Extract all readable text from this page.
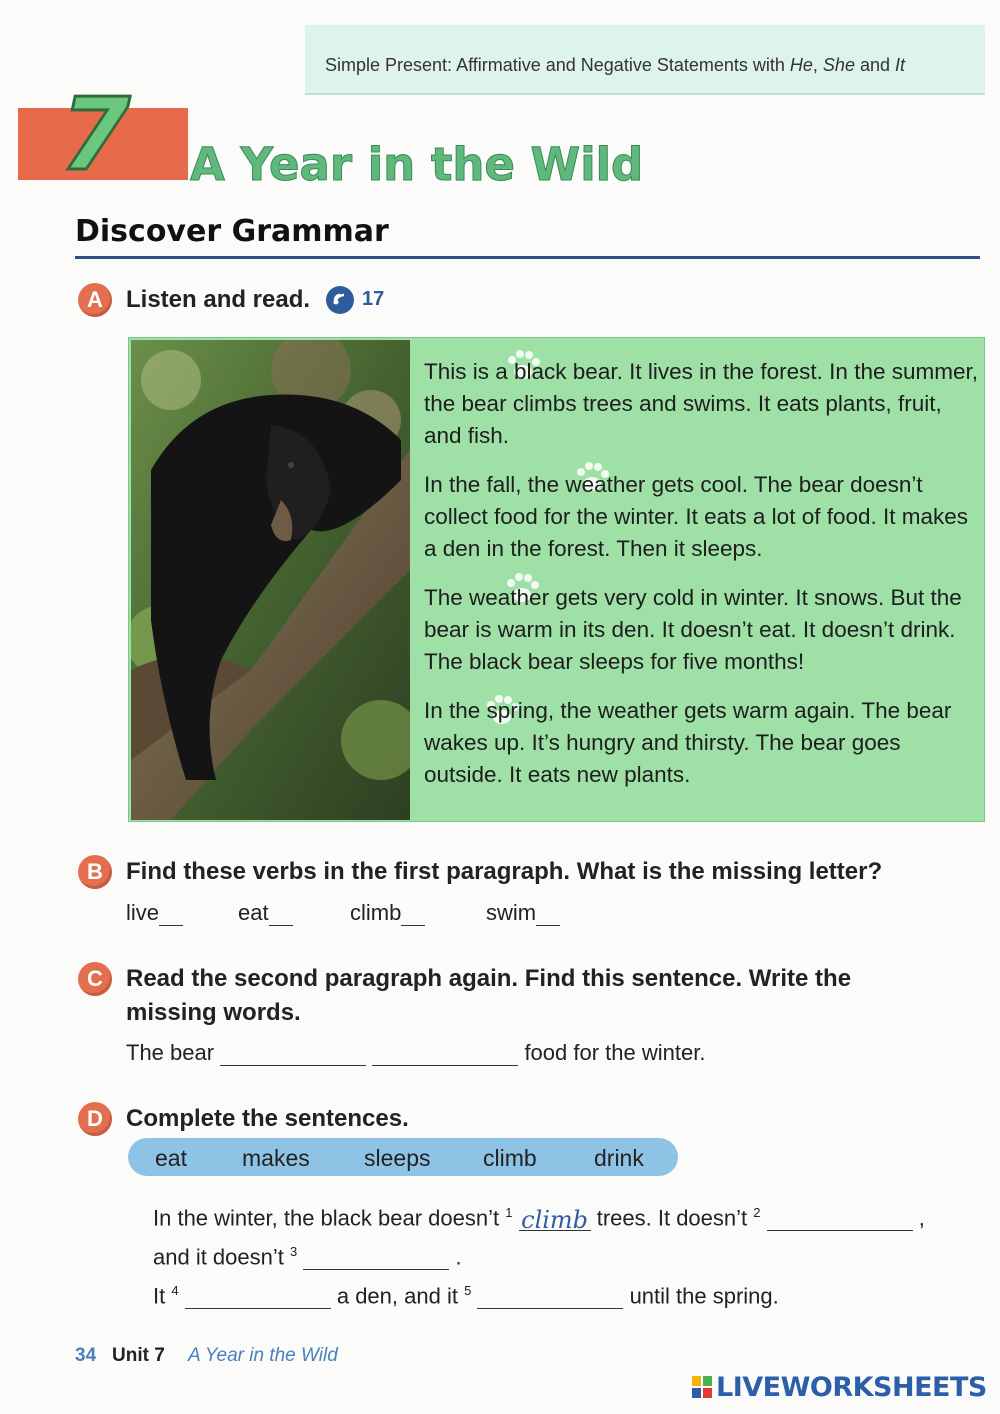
Simple Present: Affirmative and Negative Statements with He, She and It
7 A Year in the Wild
Discover Grammar
A Listen and read.	17
This is a black bear. It lives in the forest. In the summer, the bear climbs trees and swims. It eats plants, fruit, and fish.
In the fall, the weather gets cool. The bear doesn’t collect food for the winter. It eats a lot of food. It makes a den in the forest. Then it sleeps.
The weather gets very cold in winter. It snows. But the bear is warm in its den. It doesn’t eat. It doesn’t drink. The black bear sleeps for five months!
In the spring, the weather gets warm again. The bear wakes up. It’s hungry and thirsty. The bear goes outside. It eats new plants.
B Find these verbs in the first paragraph. What is the missing letter?
live	eat	climb	swim
C Read the second paragraph again. Find this sentence. Write the
missing words.
The bear	food for the winter.
D Complete the sentences.
eat makes sleeps climb drink
In the winter, the black bear doesn’t $^1$ climb trees. It doesn’t $^2$	,
and it doesn’t $^3$	.
It $^4$	a den, and it $^5$	until the spring.
34 Unit 7 A Year in the Wild
LIVEWORKSHEETS
